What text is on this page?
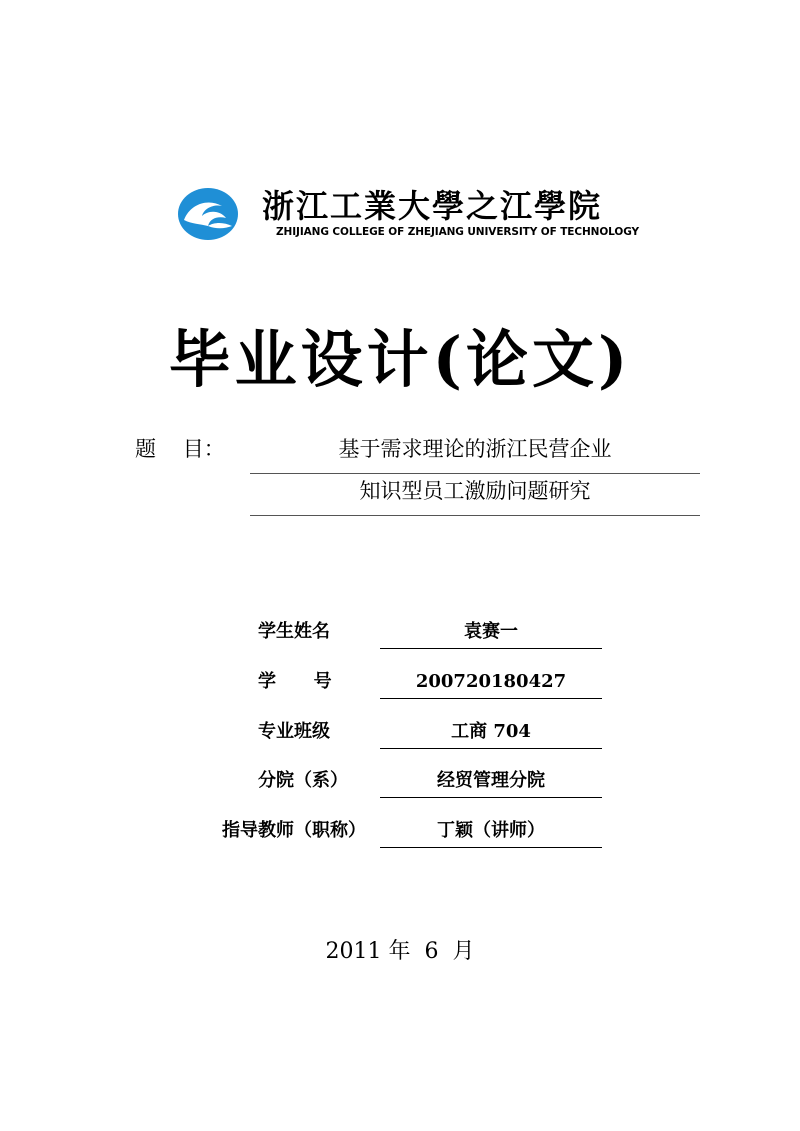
浙江工業大學之江學院
ZHIJIANG COLLEGE OF ZHEJIANG UNIVERSITY OF TECHNOLOGY
毕业设计(论文)
题    目：	基于需求理论的浙江民营企业
知识型员工激励问题研究
学生姓名	袁赛一
学      号	200720180427
专业班级	工商 704
分院（系）	经贸管理分院
指导教师（职称）	丁颖（讲师）
2011 年  6  月
